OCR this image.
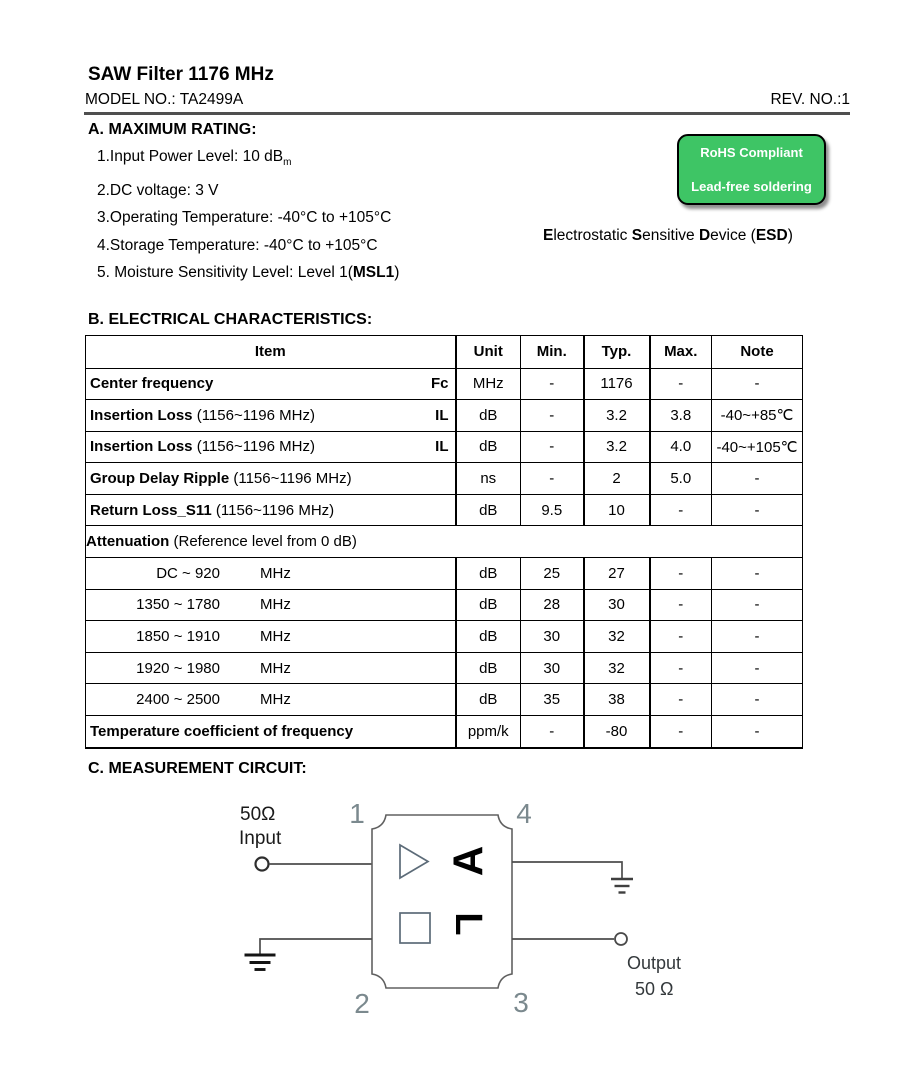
SAW Filter 1176 MHz
MODEL NO.: TA2499A	REV. NO.:1
A. MAXIMUM RATING:
1.Input Power Level: 10 $dB_m$
2.DC voltage: 3 V
3.Operating Temperature: -40°C to +105°C
4.Storage Temperature: -40°C to +105°C
5. Moisture Sensitivity Level: Level 1(MSL1)
RoHS Compliant
Lead-free soldering
Electrostatic Sensitive Device (ESD)
B. ELECTRICAL CHARACTERISTICS:
Item	Unit	Min.	Typ.	Max.	Note

Center frequency Fc	MHz	-	1176	-	-

Insertion Loss (1156~1196 MHz) IL	dB	-	3.2	3.8	-40~+85℃

Insertion Loss (1156~1196 MHz) IL	dB	-	3.2	4.0	-40~+105℃

Group Delay Ripple (1156~1196 MHz)	ns	-	2	5.0	-

Return Loss_S11 (1156~1196 MHz)	dB	9.5	10	-	-
Attenuation (Reference level from 0 dB)					

DC ~ 920 MHz	dB	25	27	-	-

1350 ~ 1780 MHz	dB	28	30	-	-

1850 ~ 1910 MHz	dB	30	32	-	-

1920 ~ 1980 MHz	dB	30	32	-	-

2400 ~ 2500 MHz	dB	35	38	-	-

Temperature coefficient of frequency	ppm/k	-	-80	-	-
C. MEASUREMENT CIRCUIT:
50Ω
Input
1	4
2	3
A
L
Output
50 Ω
